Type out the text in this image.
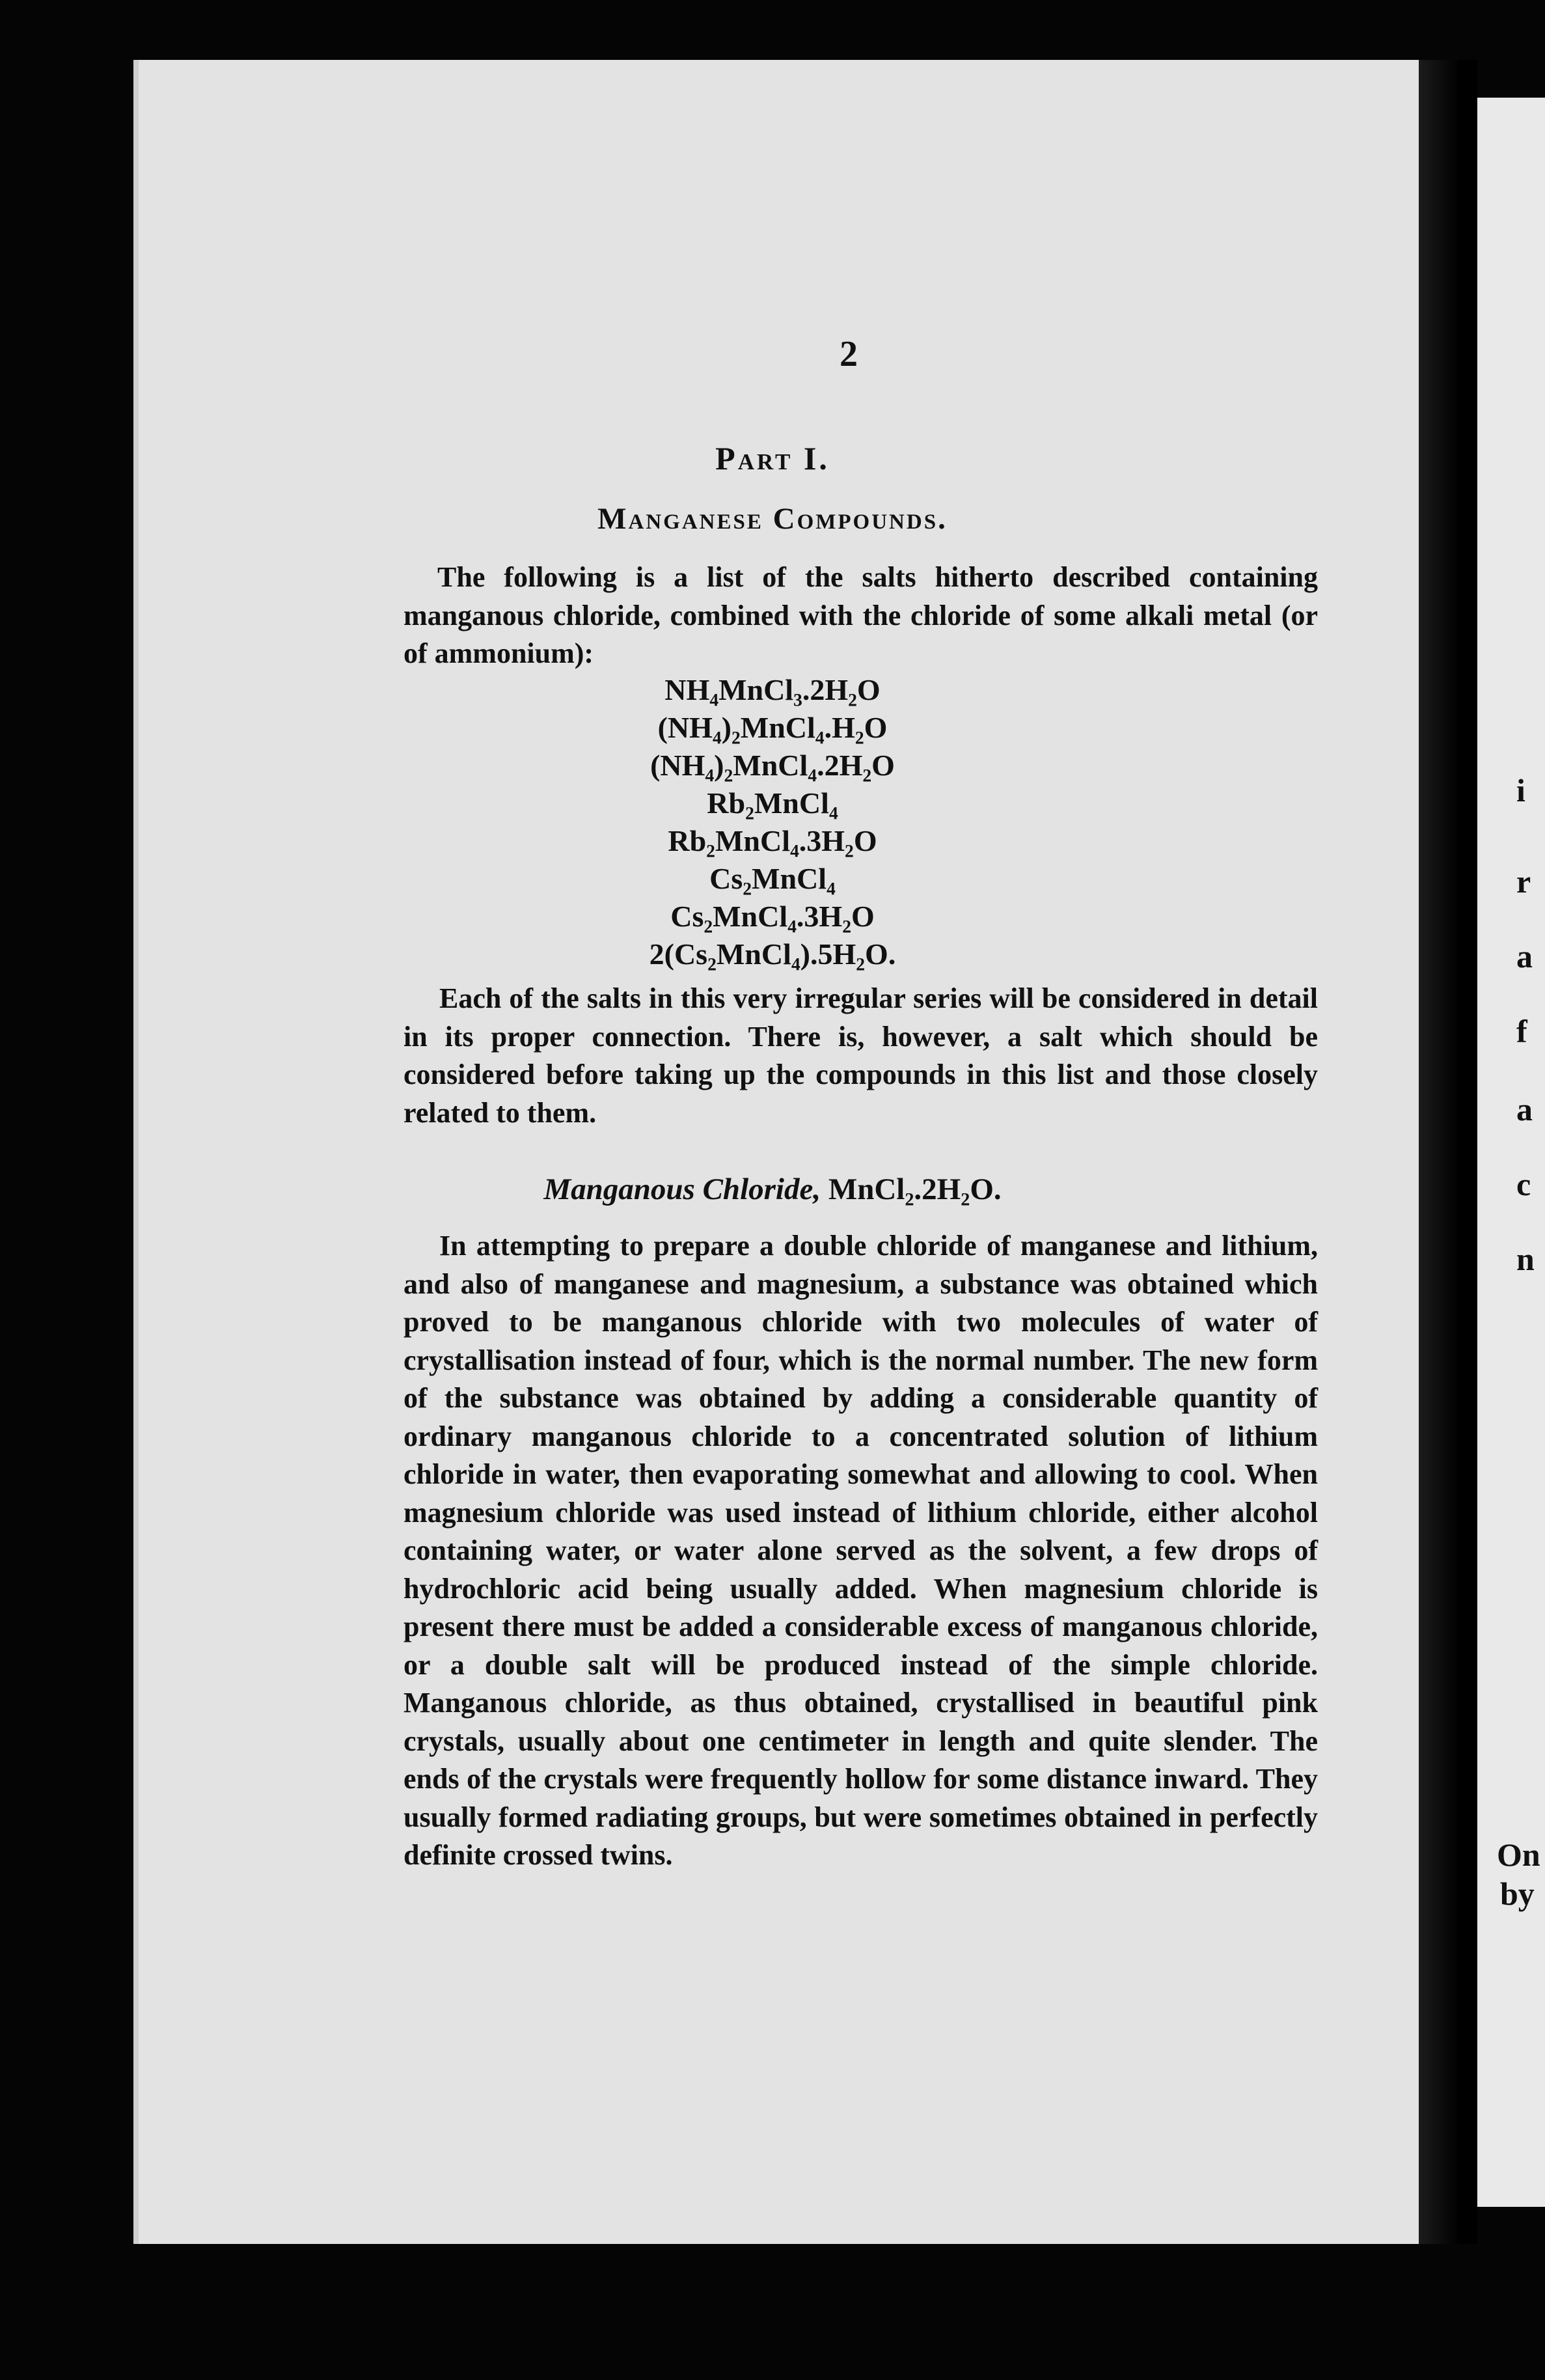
i
r
a
f
a
c
n
On
by
2
Part I.
Manganese Compounds.
The following is a list of the salts hitherto described containing manganous chloride, combined with the chloride of some alkali metal (or of ammonium):
NH₄MnCl₃.2H₂O
(NH₄)₂MnCl₄.H₂O
(NH₄)₂MnCl₄.2H₂O
Rb₂MnCl₄
Rb₂MnCl₄.3H₂O
Cs₂MnCl₄
Cs₂MnCl₄.3H₂O
2(Cs₂MnCl₄).5H₂O.
Each of the salts in this very irregular series will be considered in detail in its proper connection. There is, however, a salt which should be considered before taking up the compounds in this list and those closely related to them.
Manganous Chloride, MnCl₂.2H₂O.
In attempting to prepare a double chloride of manganese and lithium, and also of manganese and magnesium, a substance was obtained which proved to be manganous chloride with two molecules of water of crystallisation instead of four, which is the normal number. The new form of the substance was obtained by adding a considerable quantity of ordinary manganous chloride to a concentrated solution of lithium chloride in water, then evaporating somewhat and allowing to cool. When magnesium chloride was used instead of lithium chloride, either alcohol containing water, or water alone served as the solvent, a few drops of hydrochloric acid being usually added. When magnesium chloride is present there must be added a considerable excess of manganous chloride, or a double salt will be produced instead of the simple chloride. Manganous chloride, as thus obtained, crystallised in beautiful pink crystals, usually about one centimeter in length and quite slender. The ends of the crystals were frequently hollow for some distance inward. They usually formed radiating groups, but were sometimes obtained in perfectly definite crossed twins.
